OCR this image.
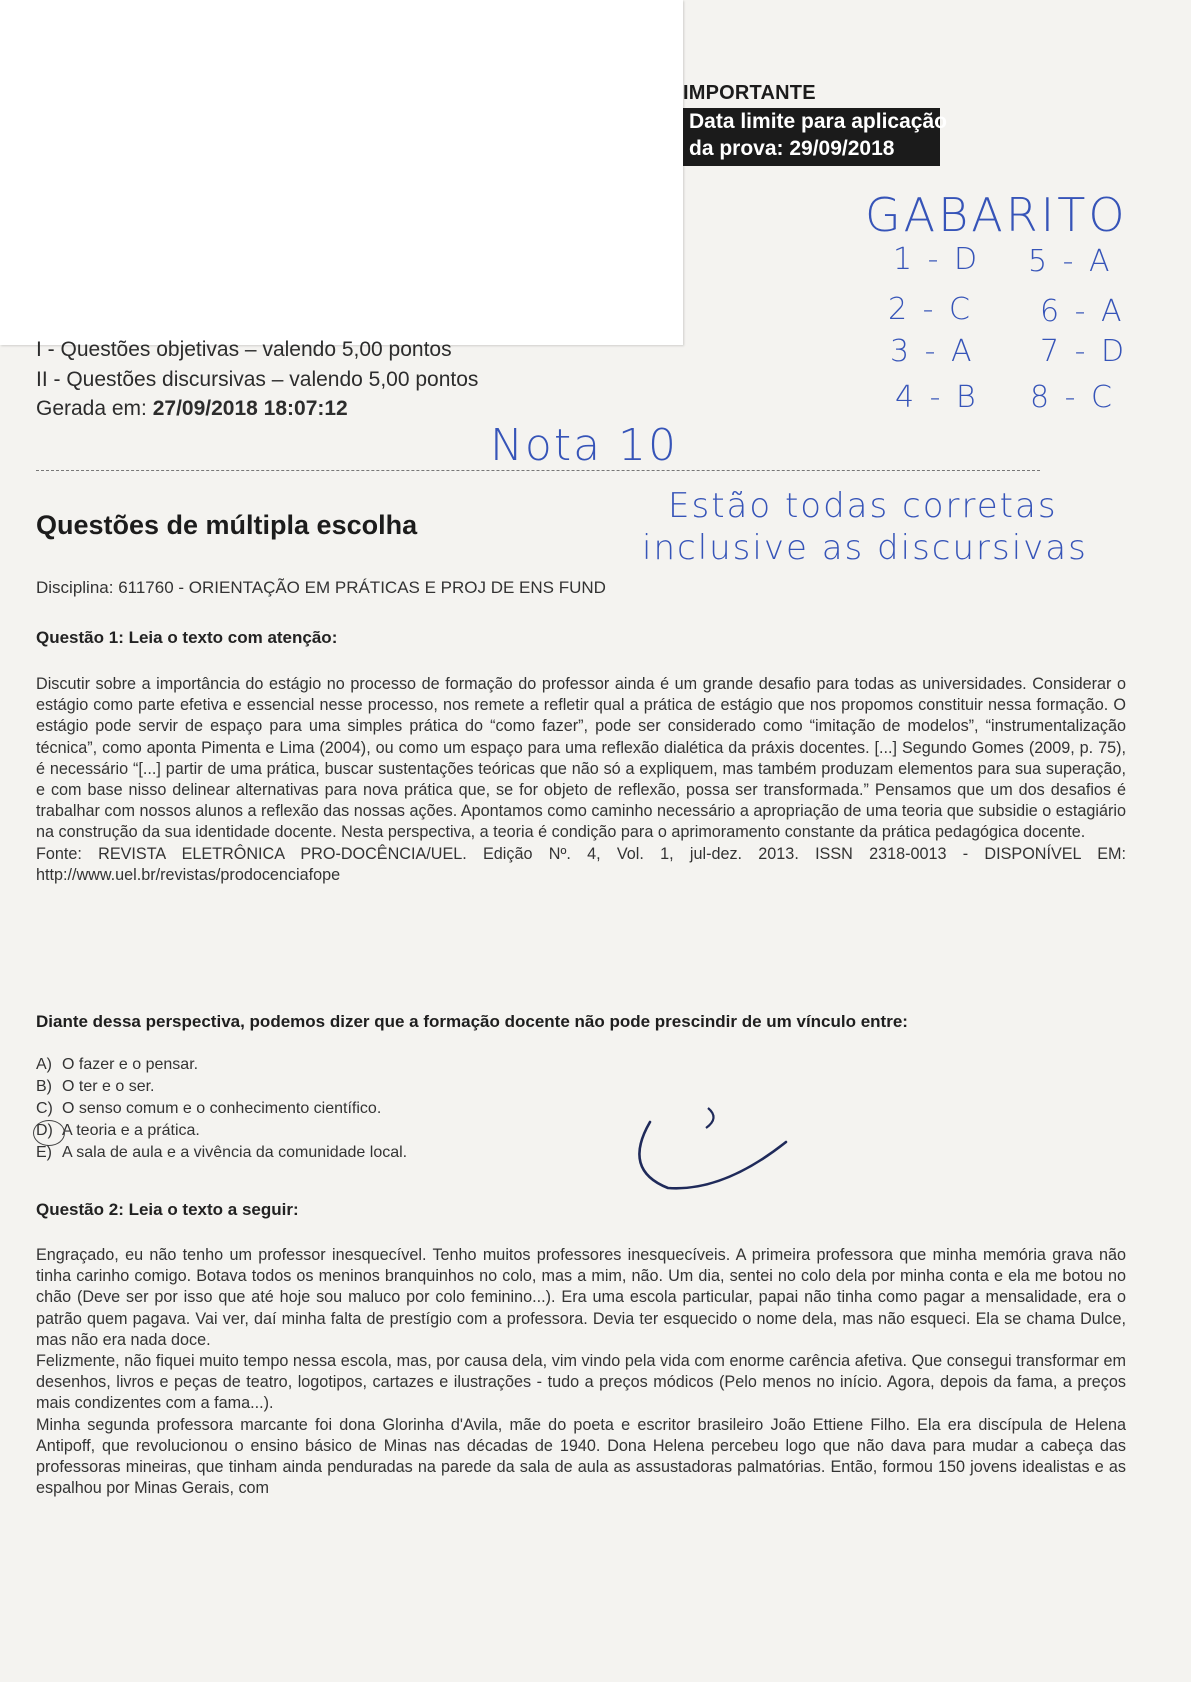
IMPORTANTE
Data limite para aplicação
da prova: 29/09/2018
GABARITO
1 - D
2 - C
3 - A
4 - B
5 - A
6 - A
7 - D
8 - C
I - Questões objetivas – valendo 5,00 pontos
II - Questões discursivas – valendo 5,00 pontos
Gerada em: 27/09/2018 18:07:12
Nota 10
Estão todas corretas
inclusive as discursivas
Questões de múltipla escolha
Disciplina: 611760 - ORIENTAÇÃO EM PRÁTICAS E PROJ DE ENS FUND
Questão 1: Leia o texto com atenção:

Discutir sobre a importância do estágio no processo de formação do professor ainda é um grande desafio para todas as universidades. Considerar o estágio como parte efetiva e essencial nesse processo, nos remete a refletir qual a prática de estágio que nos propomos constituir nessa formação. O estágio pode servir de espaço para uma simples prática do “como fazer”, pode ser considerado como “imitação de modelos”, “instrumentalização técnica”, como aponta Pimenta e Lima (2004), ou como um espaço para uma reflexão dialética da práxis docentes. [...] Segundo Gomes (2009, p. 75), é necessário “[...] partir de uma prática, buscar sustentações teóricas que não só a expliquem, mas também produzam elementos para sua superação, e com base nisso delinear alternativas para nova prática que, se for objeto de reflexão, possa ser transformada.” Pensamos que um dos desafios é trabalhar com nossos alunos a reflexão das nossas ações. Apontamos como caminho necessário a apropriação de uma teoria que subsidie o estagiário na construção da sua identidade docente. Nesta perspectiva, a teoria é condição para o aprimoramento constante da prática pedagógica docente.

Fonte: REVISTA ELETRÔNICA PRO-DOCÊNCIA/UEL. Edição Nº. 4, Vol. 1, jul-dez. 2013. ISSN 2318-0013 - DISPONÍVEL EM: http://www.uel.br/revistas/prodocenciafope

Diante dessa perspectiva, podemos dizer que a formação docente não pode prescindir de um vínculo entre:
A) O fazer e o pensar.
B) O ter e o ser.
C) O senso comum e o conhecimento científico.
D) A teoria e a prática.
E) A sala de aula e a vivência da comunidade local.
Questão 2: Leia o texto a seguir:

Engraçado, eu não tenho um professor inesquecível. Tenho muitos professores inesquecíveis. A primeira professora que minha memória grava não tinha carinho comigo. Botava todos os meninos branquinhos no colo, mas a mim, não. Um dia, sentei no colo dela por minha conta e ela me botou no chão (Deve ser por isso que até hoje sou maluco por colo feminino...). Era uma escola particular, papai não tinha como pagar a mensalidade, era o patrão quem pagava. Vai ver, daí minha falta de prestígio com a professora. Devia ter esquecido o nome dela, mas não esqueci. Ela se chama Dulce, mas não era nada doce.

Felizmente, não fiquei muito tempo nessa escola, mas, por causa dela, vim vindo pela vida com enorme carência afetiva. Que consegui transformar em desenhos, livros e peças de teatro, logotipos, cartazes e ilustrações - tudo a preços módicos (Pelo menos no início. Agora, depois da fama, a preços mais condizentes com a fama...).

Minha segunda professora marcante foi dona Glorinha d'Avila, mãe do poeta e escritor brasileiro João Ettiene Filho. Ela era discípula de Helena Antipoff, que revolucionou o ensino básico de Minas nas décadas de 1940. Dona Helena percebeu logo que não dava para mudar a cabeça das professoras mineiras, que tinham ainda penduradas na parede da sala de aula as assustadoras palmatórias. Então, formou 150 jovens idealistas e as espalhou por Minas Gerais, com
